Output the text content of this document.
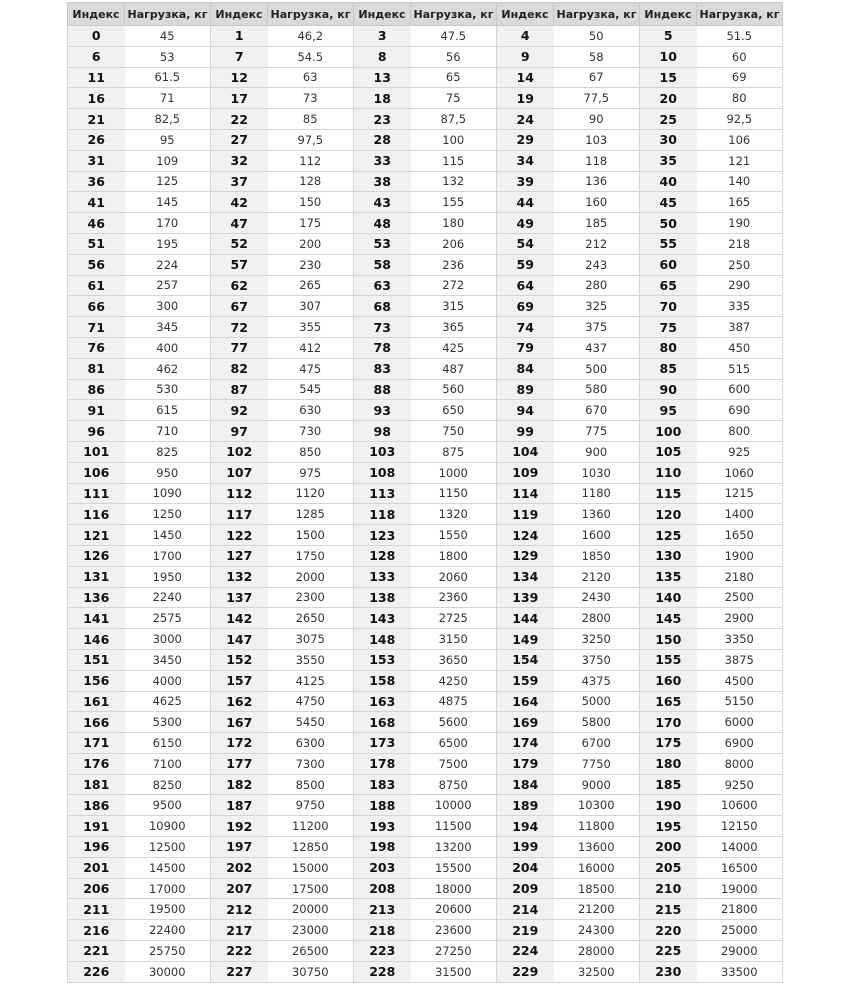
Индекс	Нагрузка, кг	Индекс	Нагрузка, кг	Индекс	Нагрузка, кг	Индекс	Нагрузка, кг	Индекс	Нагрузка, кг
0	45	1	46,2	3	47.5	4	50	5	51.5
6	53	7	54.5	8	56	9	58	10	60
11	61.5	12	63	13	65	14	67	15	69
16	71	17	73	18	75	19	77,5	20	80
21	82,5	22	85	23	87,5	24	90	25	92,5
26	95	27	97,5	28	100	29	103	30	106
31	109	32	112	33	115	34	118	35	121
36	125	37	128	38	132	39	136	40	140
41	145	42	150	43	155	44	160	45	165
46	170	47	175	48	180	49	185	50	190
51	195	52	200	53	206	54	212	55	218
56	224	57	230	58	236	59	243	60	250
61	257	62	265	63	272	64	280	65	290
66	300	67	307	68	315	69	325	70	335
71	345	72	355	73	365	74	375	75	387
76	400	77	412	78	425	79	437	80	450
81	462	82	475	83	487	84	500	85	515
86	530	87	545	88	560	89	580	90	600
91	615	92	630	93	650	94	670	95	690
96	710	97	730	98	750	99	775	100	800
101	825	102	850	103	875	104	900	105	925
106	950	107	975	108	1000	109	1030	110	1060
111	1090	112	1120	113	1150	114	1180	115	1215
116	1250	117	1285	118	1320	119	1360	120	1400
121	1450	122	1500	123	1550	124	1600	125	1650
126	1700	127	1750	128	1800	129	1850	130	1900
131	1950	132	2000	133	2060	134	2120	135	2180
136	2240	137	2300	138	2360	139	2430	140	2500
141	2575	142	2650	143	2725	144	2800	145	2900
146	3000	147	3075	148	3150	149	3250	150	3350
151	3450	152	3550	153	3650	154	3750	155	3875
156	4000	157	4125	158	4250	159	4375	160	4500
161	4625	162	4750	163	4875	164	5000	165	5150
166	5300	167	5450	168	5600	169	5800	170	6000
171	6150	172	6300	173	6500	174	6700	175	6900
176	7100	177	7300	178	7500	179	7750	180	8000
181	8250	182	8500	183	8750	184	9000	185	9250
186	9500	187	9750	188	10000	189	10300	190	10600
191	10900	192	11200	193	11500	194	11800	195	12150
196	12500	197	12850	198	13200	199	13600	200	14000
201	14500	202	15000	203	15500	204	16000	205	16500
206	17000	207	17500	208	18000	209	18500	210	19000
211	19500	212	20000	213	20600	214	21200	215	21800
216	22400	217	23000	218	23600	219	24300	220	25000
221	25750	222	26500	223	27250	224	28000	225	29000
226	30000	227	30750	228	31500	229	32500	230	33500
